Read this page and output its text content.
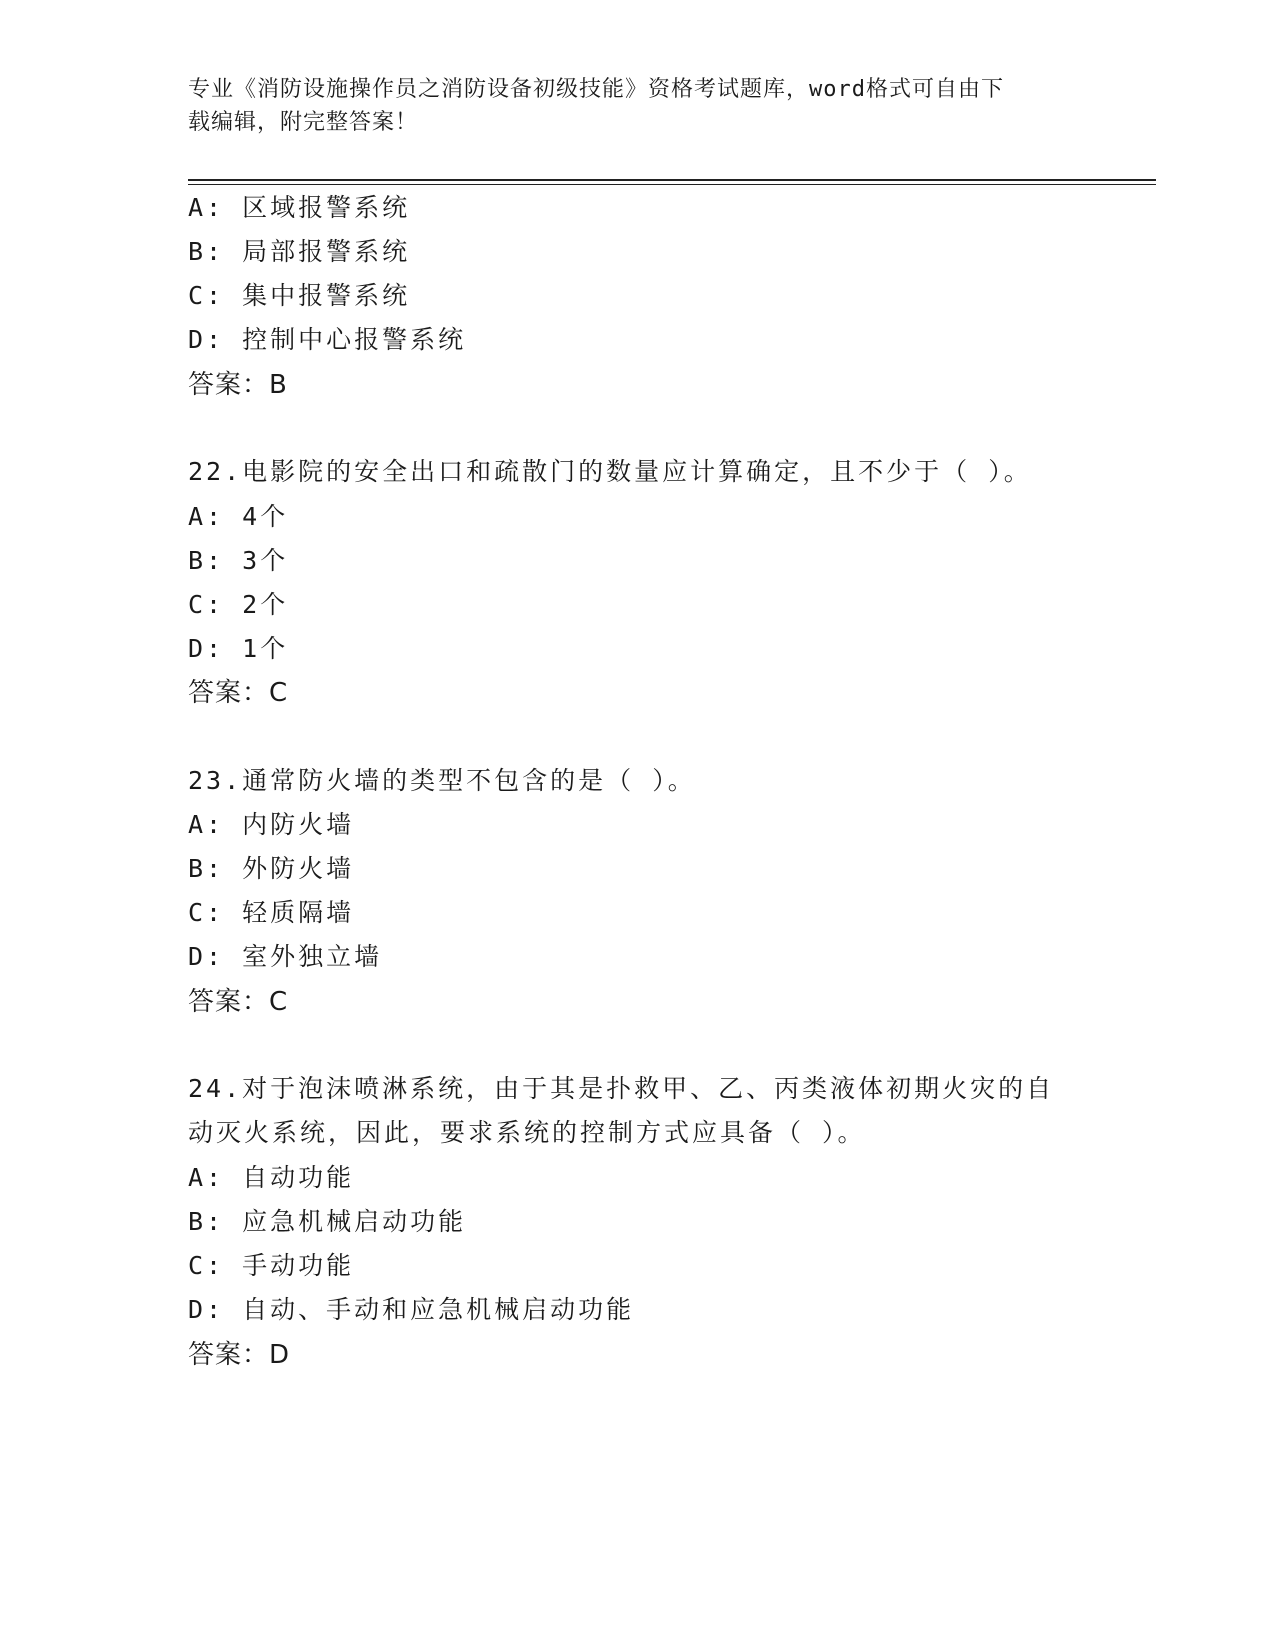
专业《消防设施操作员之消防设备初级技能》资格考试题库，word格式可自由下
载编辑，附完整答案！
A: 区域报警系统
B: 局部报警系统
C: 集中报警系统
D: 控制中心报警系统
答案：B
22.电影院的安全出口和疏散门的数量应计算确定，且不少于（ ）。
A: 4个
B: 3个
C: 2个
D: 1个
答案：C
23.通常防火墙的类型不包含的是（ ）。
A: 内防火墙
B: 外防火墙
C: 轻质隔墙
D: 室外独立墙
答案：C
24.对于泡沫喷淋系统，由于其是扑救甲、乙、丙类液体初期火灾的自
动灭火系统，因此，要求系统的控制方式应具备（ ）。
A: 自动功能
B: 应急机械启动功能
C: 手动功能
D: 自动、手动和应急机械启动功能
答案：D
